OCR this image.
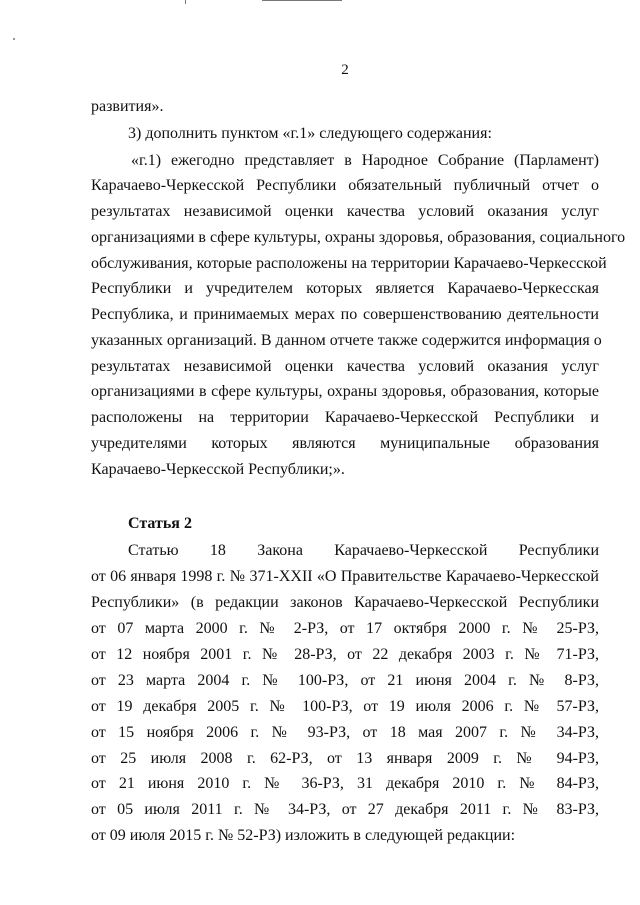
2
развития».
3) дополнить пунктом «г.1» следующего содержания:
«г.1) ежегодно представляет в Народное Собрание (Парламент)
Карачаево-Черкесской Республики обязательный публичный отчет о
результатах независимой оценки качества условий оказания услуг
организациями в сфере культуры, охраны здоровья, образования, социального
обслуживания, которые расположены на территории Карачаево-Черкесской
Республики и учредителем которых является Карачаево-Черкесская
Республика, и принимаемых мерах по совершенствованию деятельности
указанных организаций. В данном отчете также содержится информация о
результатах независимой оценки качества условий оказания услуг
организациями в сфере культуры, охраны здоровья, образования, которые
расположены на территории Карачаево-Черкесской Республики и
учредителями которых являются муниципальные образования
Карачаево-Черкесской Республики;».
Статья 2
Статью 18 Закона Карачаево-Черкесской Республики
от 06 января 1998 г. № 371-XXII «О Правительстве Карачаево-Черкесской
Республики» (в редакции законов Карачаево-Черкесской Республики
от 07 марта 2000 г. № 2-РЗ, от 17 октября 2000 г. № 25-РЗ,
от 12 ноября 2001 г. № 28-РЗ, от 22 декабря 2003 г. № 71-РЗ,
от 23 марта 2004 г. № 100-РЗ, от 21 июня 2004 г. № 8-РЗ,
от 19 декабря 2005 г. № 100-РЗ, от 19 июля 2006 г. № 57-РЗ,
от 15 ноября 2006 г. № 93-РЗ, от 18 мая 2007 г. № 34-РЗ,
от 25 июля 2008 г. 62-РЗ, от 13 января 2009 г. № 94-РЗ,
от 21 июня 2010 г. № 36-РЗ, 31 декабря 2010 г. № 84-РЗ,
от 05 июля 2011 г. № 34-РЗ, от 27 декабря 2011 г. № 83-РЗ,
от 09 июля 2015 г. № 52-РЗ) изложить в следующей редакции:
